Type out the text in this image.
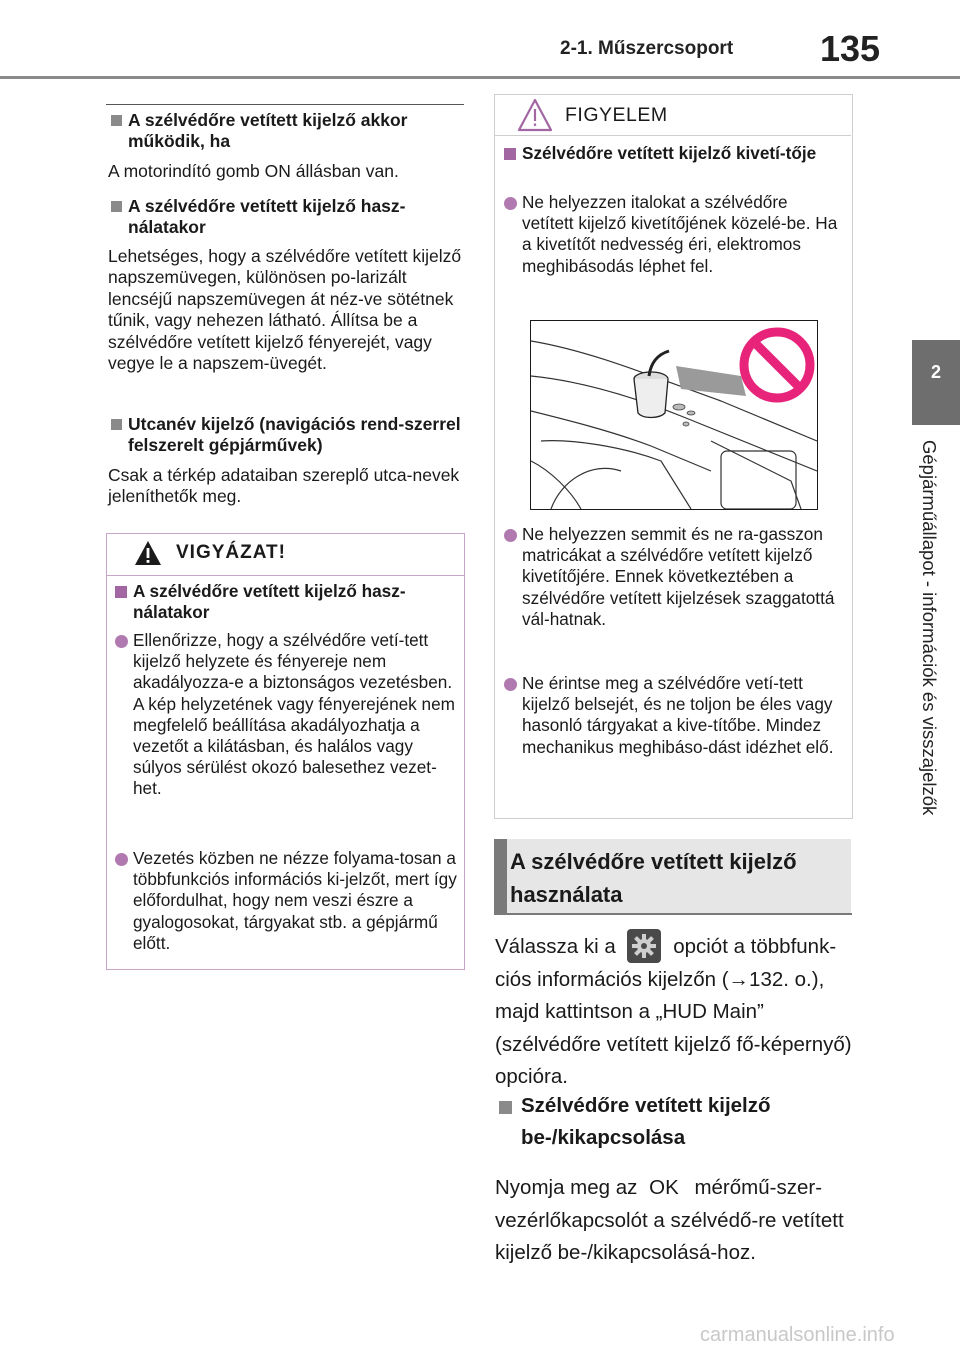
2-1. Műszercsoport 135
2
Gépjárműállapot - információk és visszajelzők
A szélvédőre vetített kijelző akkor működik, ha
A motorindító gomb ON állásban van.
A szélvédőre vetített kijelző hasz-nálatakor
Lehetséges, hogy a szélvédőre vetített kijelző napszemüvegen, különösen po-larizált lencséjű napszemüvegen át néz-ve sötétnek tűnik, vagy nehezen látható. Állítsa be a szélvédőre vetített kijelző fényerejét, vagy vegye le a napszem-üvegét.
Utcanév kijelző (navigációs rend-szerrel felszerelt gépjárművek)
Csak a térkép adataiban szereplő utca-nevek jeleníthetők meg.
VIGYÁZAT!
A szélvédőre vetített kijelző hasz-nálatakor
Ellenőrizze, hogy a szélvédőre vetí-tett kijelző helyzete és fényereje nem akadályozza-e a biztonságos vezetésben. A kép helyzetének vagy fényerejének nem megfelelő beállítása akadályozhatja a vezetőt a kilátásban, és halálos vagy súlyos sérülést okozó balesethez vezet-het.
Vezetés közben ne nézze folyama-tosan a többfunkciós információs ki-jelzőt, mert így előfordulhat, hogy nem veszi észre a gyalogosokat, tárgyakat stb. a gépjármű előtt.
FIGYELEM
Szélvédőre vetített kijelző kivetí-tője
Ne helyezzen italokat a szélvédőre vetített kijelző kivetítőjének közelé-be. Ha a kivetítőt nedvesség éri, elektromos meghibásodás léphet fel.
Ne helyezzen semmit és ne ra-gasszon matricákat a szélvédőre vetített kijelző kivetítőjére. Ennek következtében a szélvédőre vetített kijelzések szaggatottá vál-hatnak.
Ne érintse meg a szélvédőre vetí-tett kijelző belsejét, és ne toljon be éles vagy hasonló tárgyakat a kive-títőbe. Mindez mechanikus meghibáso-dást idézhet elő.
A szélvédőre vetített kijelző használata
Válassza ki a	opciót a többfunk-ciós információs kijelzőn (→132. o.), majd kattintson a „HUD Main” (szélvédőre vetített kijelző fő-képernyő) opcióra.
Szélvédőre vetített kijelző be-/kikapcsolása
Nyomja meg az OK mérőmű-szer-vezérlőkapcsolót a szélvédő-re vetített kijelző be-/kikapcsolásá-hoz.
carmanualsonline.info
